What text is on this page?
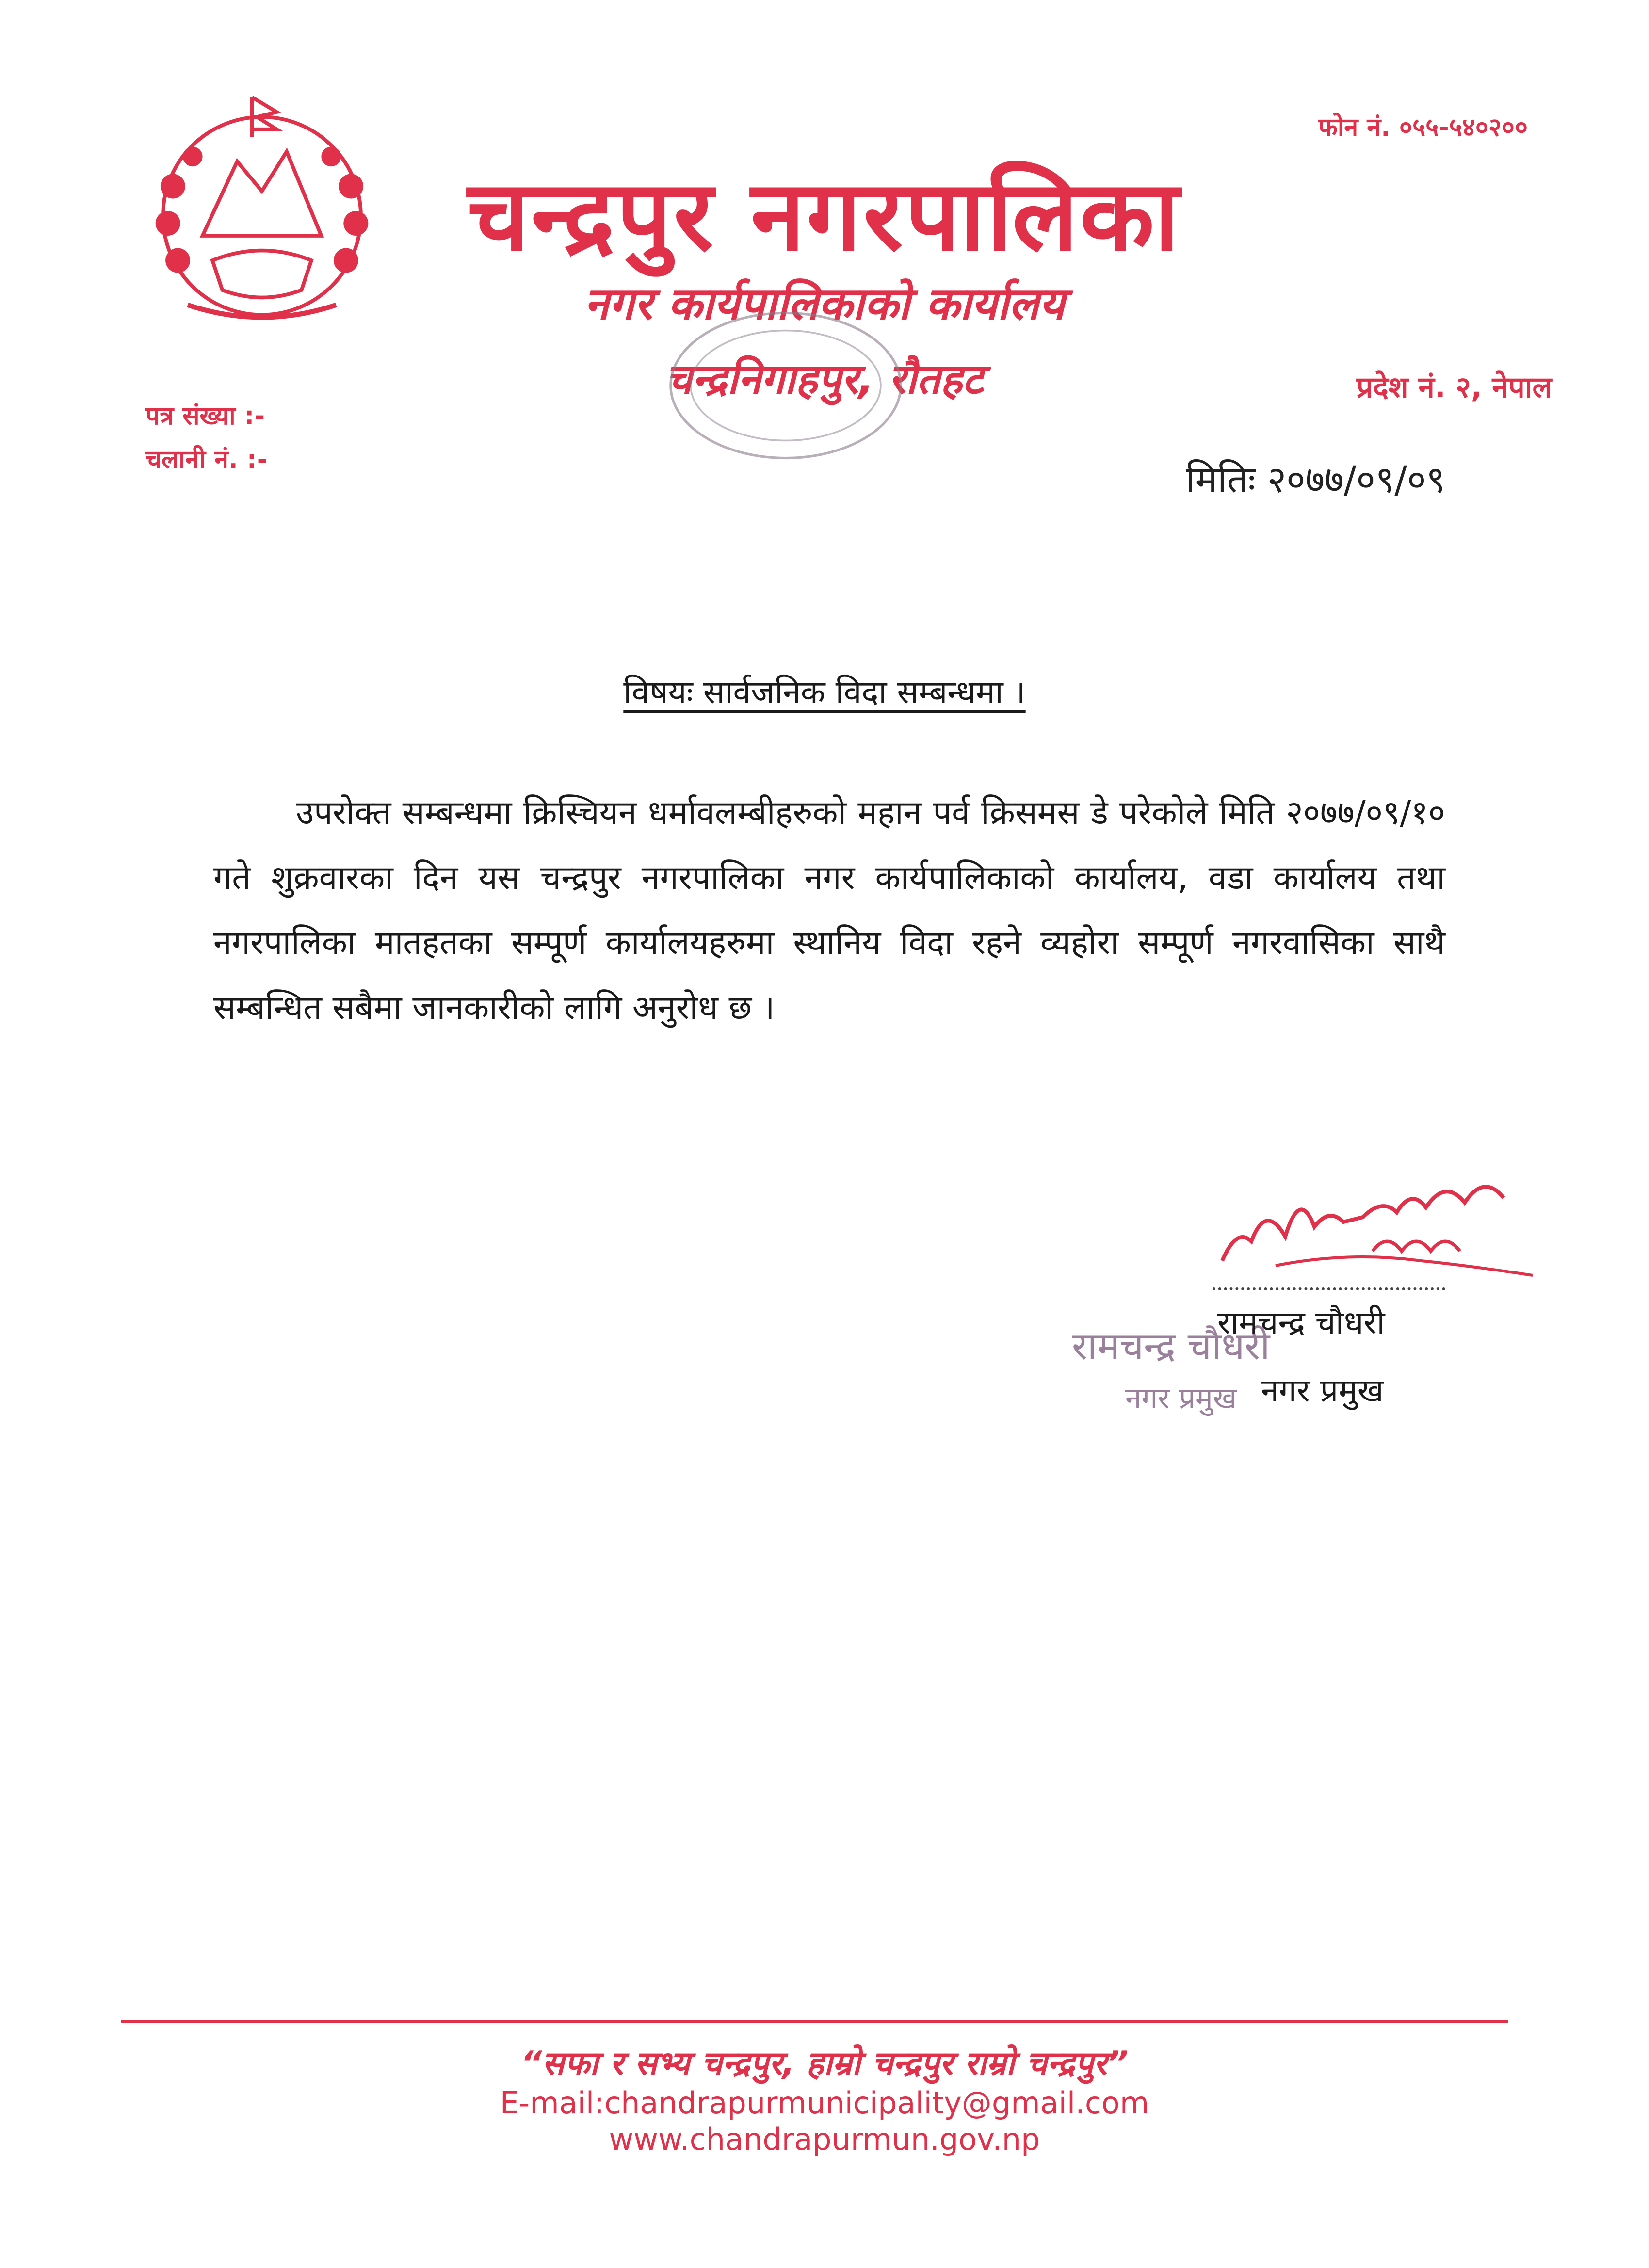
फोन नं. ०५५-५४०२००
चन्द्रपुर नगरपालिका
नगर कार्यपालिकाको कार्यालय
चन्द्रनिगाहपुर, रौतहट	प्रदेश नं. २, नेपाल
पत्र संख्या :-
चलानी नं. :-	मितिः २०७७/०९/०९
विषयः सार्वजनिक विदा सम्बन्धमा ।
उपरोक्त सम्बन्धमा क्रिस्चियन धर्मावलम्बीहरुको महान पर्व क्रिसमस डे परेकोले मिति २०७७/०९/१० गते शुक्रवारका दिन यस चन्द्रपुर नगरपालिका नगर कार्यपालिकाको कार्यालय, वडा कार्यालय तथा नगरपालिका मातहतका सम्पूर्ण कार्यालयहरुमा स्थानिय विदा रहने व्यहोरा सम्पूर्ण नगरवासिका साथै सम्बन्धित सबैमा जानकारीको लागि अनुरोध छ ।
रामचन्द्र चौधरी
नगर प्रमुख
रामचन्द्र चौधरी
नगर प्रमुख
“सफा र सभ्य चन्द्रपुर, हाम्रो चन्द्रपुर राम्रो चन्द्रपुर”
E-mail:chandrapurmunicipality@gmail.com
www.chandrapurmun.gov.np
